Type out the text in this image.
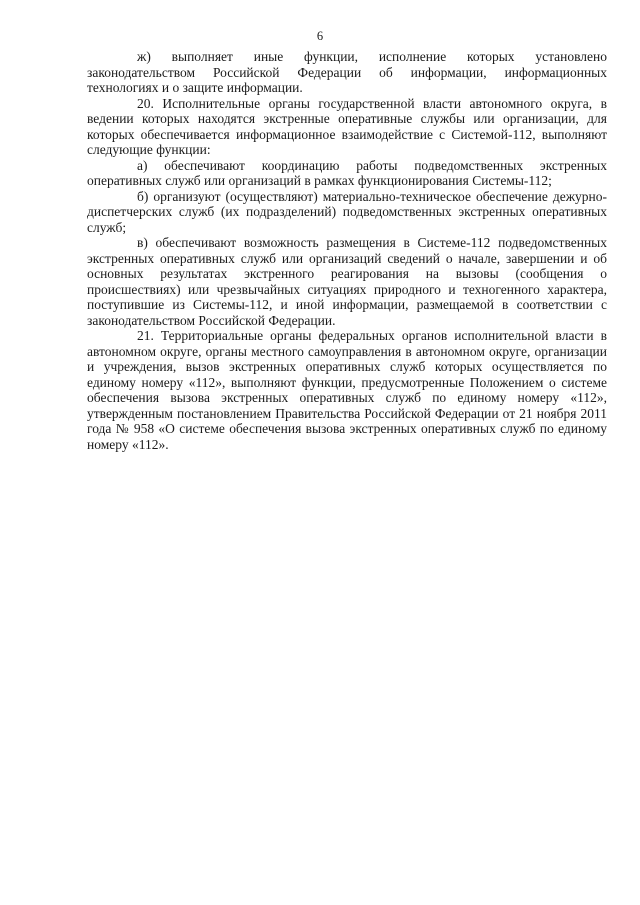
6

ж) выполняет иные функции, исполнение которых установлено законодательством Российской Федерации об информации, информационных технологиях и о защите информации.

20. Исполнительные органы государственной власти автономного округа, в ведении которых находятся экстренные оперативные службы или организации, для которых обеспечивается информационное взаимодействие с Системой-112, выполняют следующие функции:

а) обеспечивают координацию работы подведомственных экстренных оперативных служб или организаций в рамках функционирования Системы-112;

б) организуют (осуществляют) материально-техническое обеспечение дежурно-диспетчерских служб (их подразделений) подведомственных экстренных оперативных служб;

в) обеспечивают возможность размещения в Системе-112 подведомственных экстренных оперативных служб или организаций сведений о начале, завершении и об основных результатах экстренного реагирования на вызовы (сообщения о происшествиях) или чрезвычайных ситуациях природного и техногенного характера, поступившие из Системы-112, и иной информации, размещаемой в соответствии с законодательством Российской Федерации.

21. Территориальные органы федеральных органов исполнительной власти в автономном округе, органы местного самоуправления в автономном округе, организации и учреждения, вызов экстренных оперативных служб которых осуществляется по единому номеру «112», выполняют функции, предусмотренные Положением о системе обеспечения вызова экстренных оперативных служб по единому номеру «112», утвержденным постановлением Правительства Российской Федерации от 21 ноября 2011 года № 958 «О системе обеспечения вызова экстренных оперативных служб по единому номеру «112».
